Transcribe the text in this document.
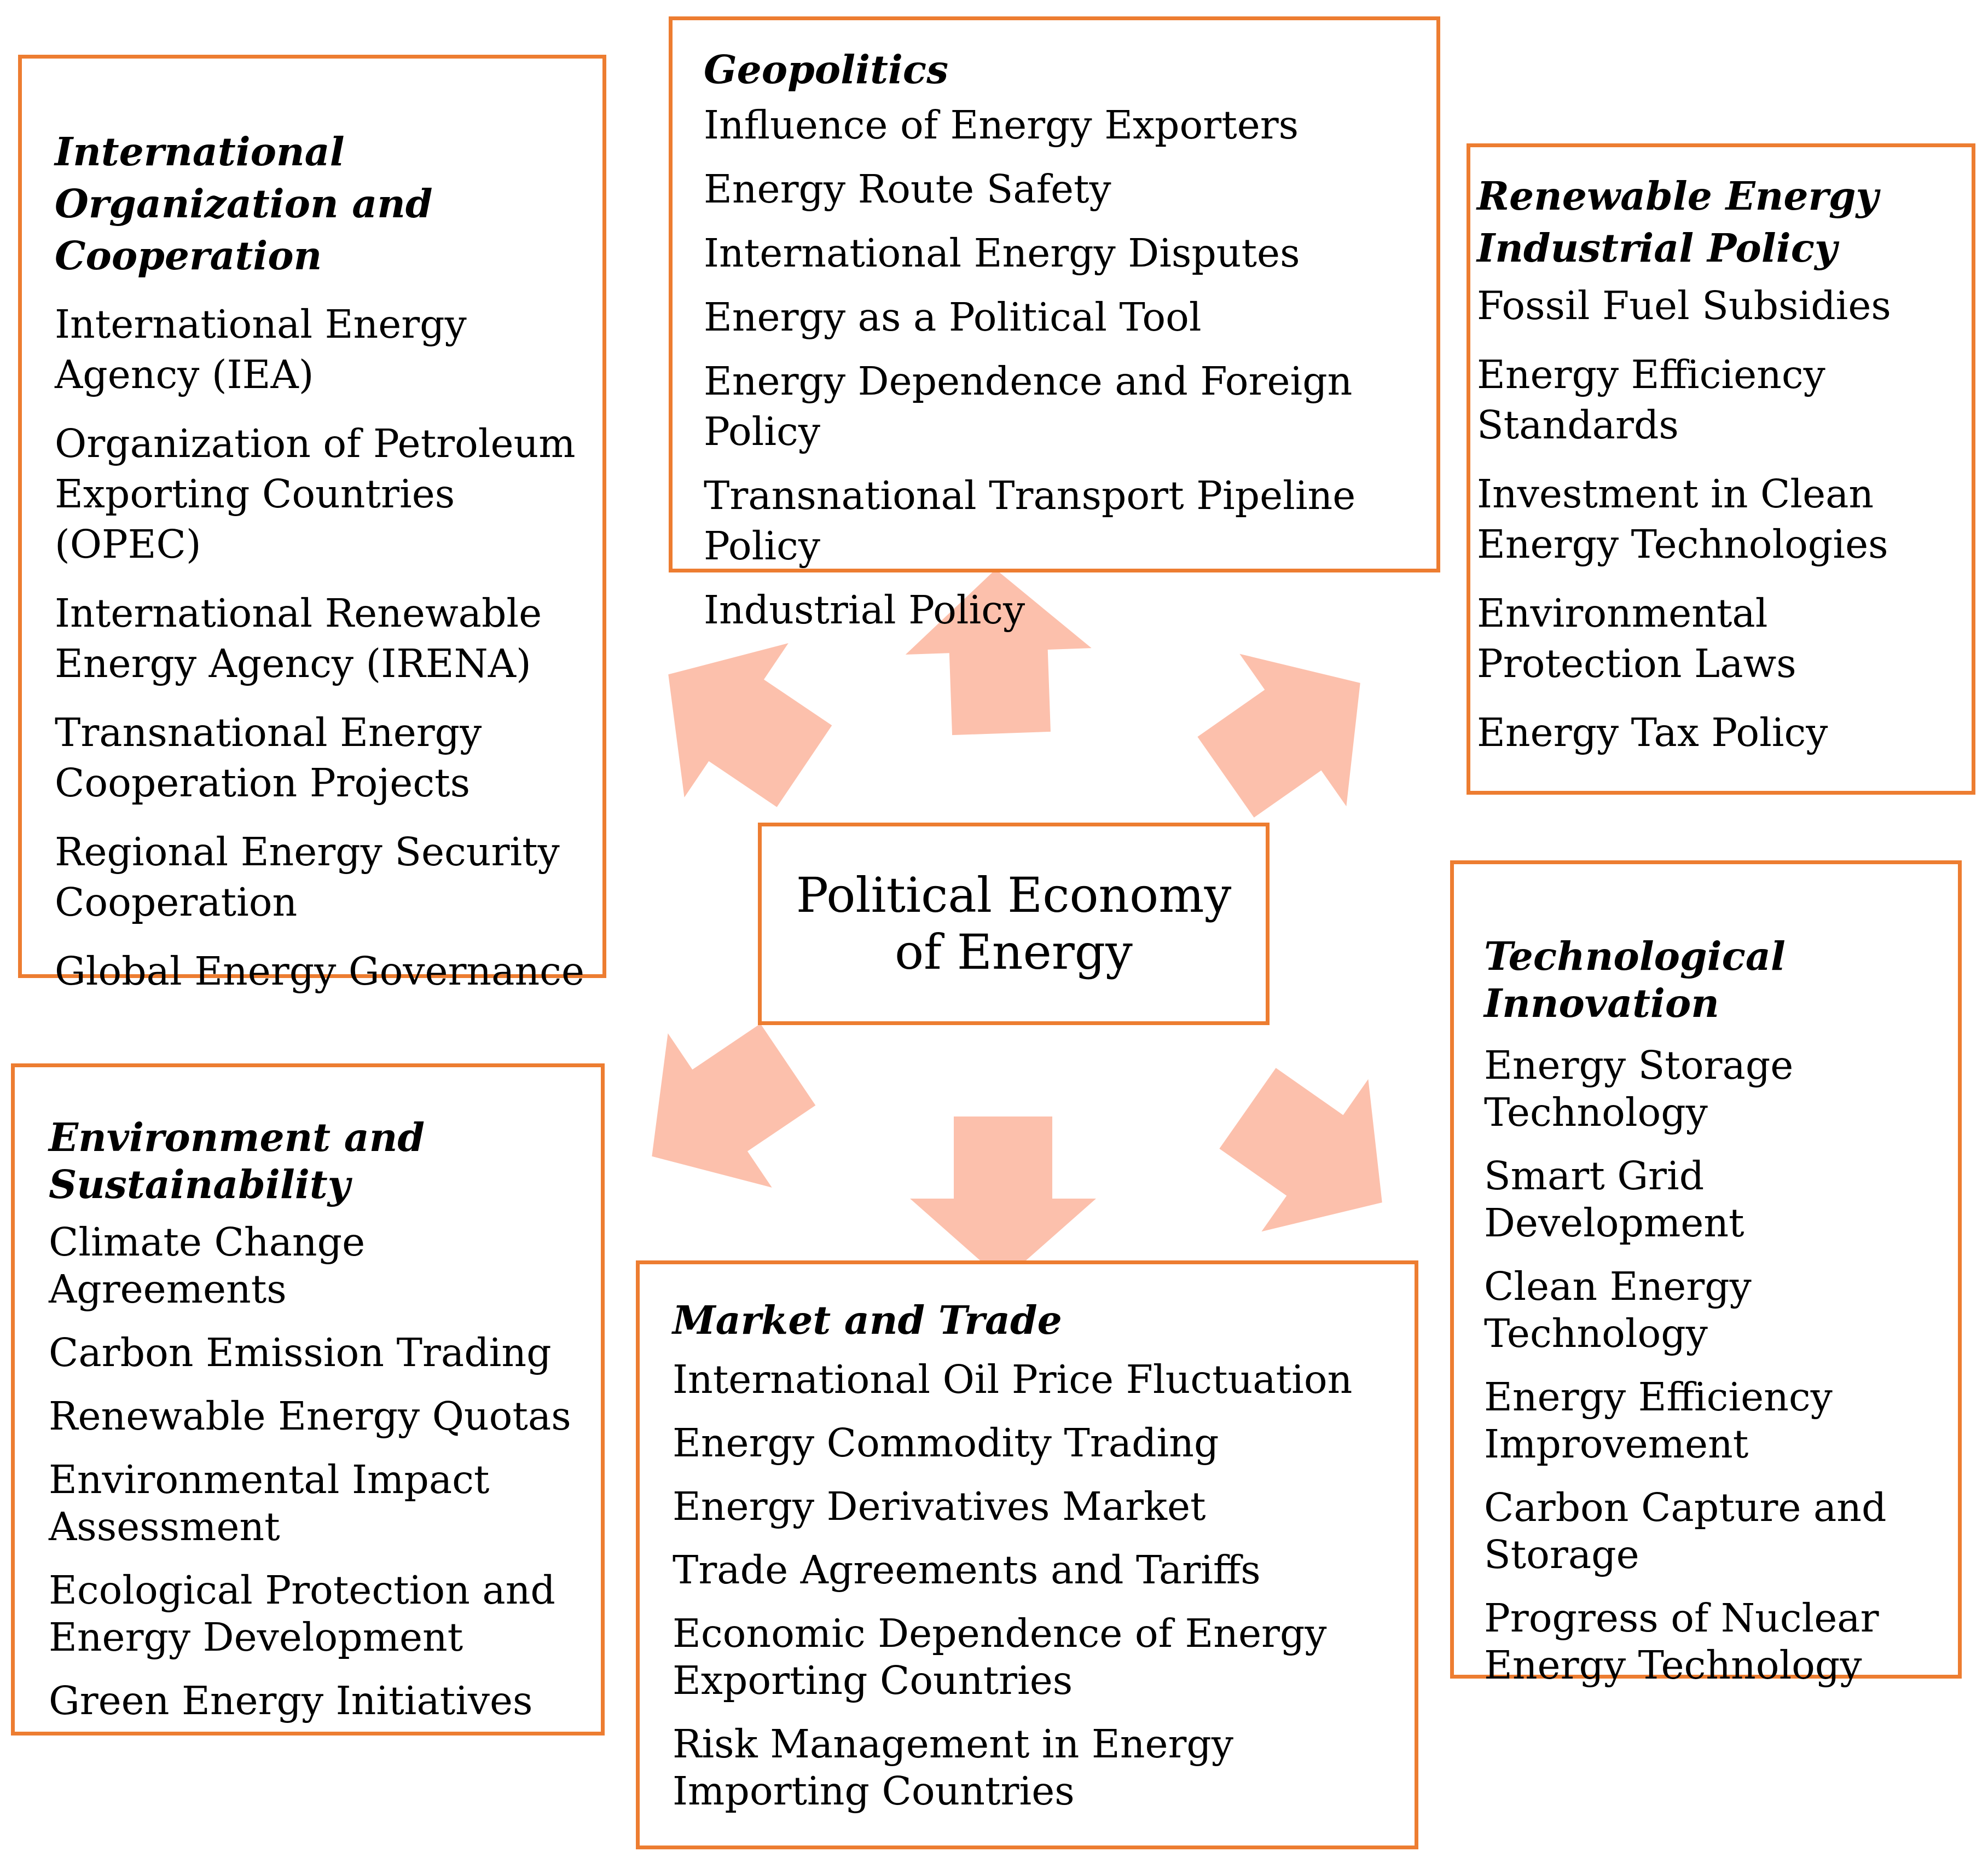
International Organization and Cooperation
International Energy Agency (IEA)
Organization of Petroleum Exporting Countries (OPEC)
International Renewable Energy Agency (IRENA)
Transnational Energy Cooperation Projects
Regional Energy Security Cooperation
Global Energy Governance
Geopolitics
Influence of Energy Exporters
Energy Route Safety
International Energy Disputes
Energy as a Political Tool
Energy Dependence and Foreign Policy
Transnational Transport Pipeline Policy
Industrial Policy
Renewable Energy Industrial Policy
Fossil Fuel Subsidies
Energy Efficiency Standards
Investment in Clean Energy Technologies
Environmental Protection Laws
Energy Tax Policy
Political Economy of Energy	Technological Innovation
Energy Storage Technology
Smart Grid Development
Clean Energy Technology
Energy Efficiency Improvement
Carbon Capture and Storage
Progress of Nuclear Energy Technology
Environment and Sustainability
Climate Change Agreements
Carbon Emission Trading
Renewable Energy Quotas
Environmental Impact Assessment
Ecological Protection and Energy Development
Green Energy Initiatives
Market and Trade
International Oil Price Fluctuation
Energy Commodity Trading
Energy Derivatives Market
Trade Agreements and Tariffs
Economic Dependence of Energy Exporting Countries
Risk Management in Energy Importing Countries
